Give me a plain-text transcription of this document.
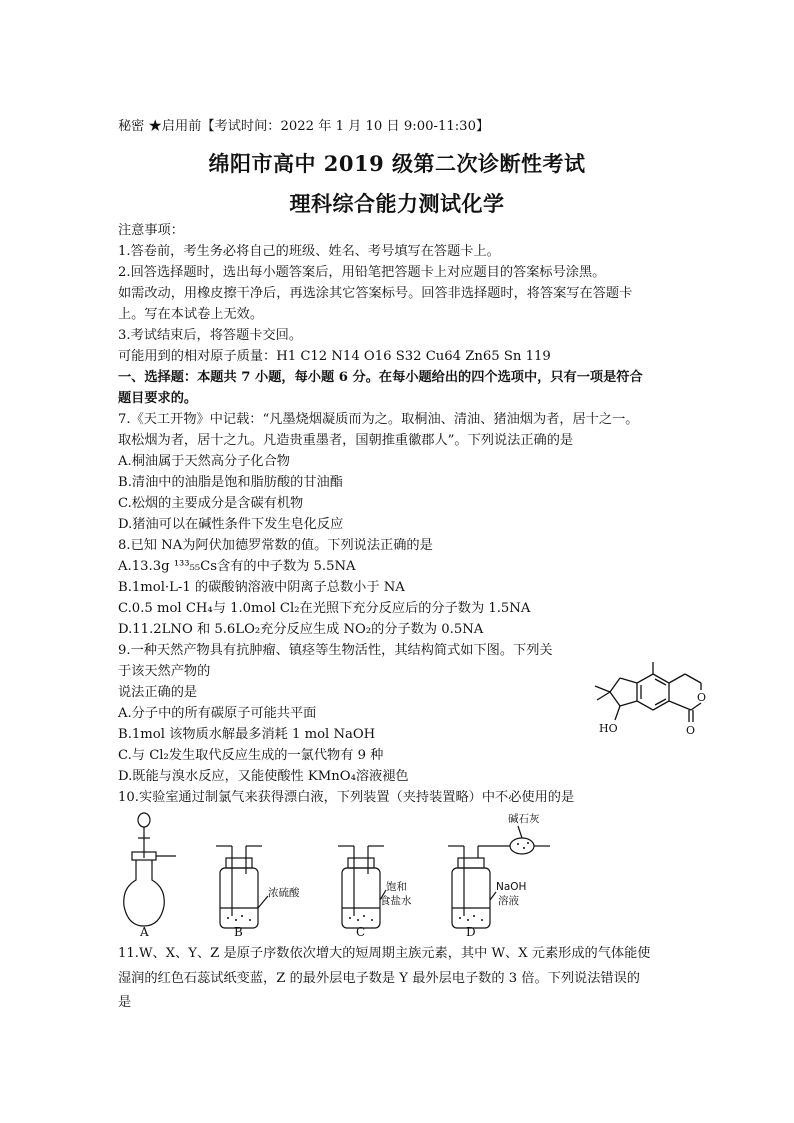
秘密 ★启用前【考试时间：2022 年 1 月 10 日 9:00-11:30】
绵阳市高中 2019 级第二次诊断性考试
理科综合能力测试化学
注意事项：
1.答卷前，考生务必将自己的班级、姓名、考号填写在答题卡上。
2.回答选择题时，选出每小题答案后，用铅笔把答题卡上对应题目的答案标号涂黑。
如需改动，用橡皮擦干净后，再选涂其它答案标号。回答非选择题时，将答案写在答题卡
上。写在本试卷上无效。
3.考试结束后，将答题卡交回。
可能用到的相对原子质量：H1 C12 N14 O16 S32 Cu64 Zn65 Sn 119
一、选择题：本题共 7 小题，每小题 6 分。在每小题给出的四个选项中，只有一项是符合
题目要求的。
7.《天工开物》中记载：“凡墨烧烟凝质而为之。取桐油、清油、猪油烟为者，居十之一。
取松烟为者，居十之九。凡造贵重墨者，国朝推重徽郡人”。下列说法正确的是
A.桐油属于天然高分子化合物
B.清油中的油脂是饱和脂肪酸的甘油酯
C.松烟的主要成分是含碳有机物
D.猪油可以在碱性条件下发生皂化反应
8.已知 NA为阿伏加德罗常数的值。下列说法正确的是
A.13.3g ¹³³₅₅Cs含有的中子数为 5.5NA
B.1mol·L-1 的碳酸钠溶液中阴离子总数小于 NA
C.0.5 mol CH₄与 1.0mol Cl₂在光照下充分反应后的分子数为 1.5NA
D.11.2LNO 和 5.6LO₂充分反应生成 NO₂的分子数为 0.5NA
9.一种天然产物具有抗肿瘤、镇痉等生物活性，其结构简式如下图。下列关
于该天然产物的
说法正确的是
A.分子中的所有碳原子可能共平面
B.1mol 该物质水解最多消耗 1 mol NaOH
C.与 Cl₂发生取代反应生成的一氯代物有 9 种
D.既能与溴水反应，又能使酸性 KMnO₄溶液褪色
O
O
HO
10.实验室通过制氯气来获得漂白液，下列装置（夹持装置略）中不必使用的是
A	B	C	D
浓硫酸	饱和
食盐水
NaOH
溶液
碱石灰
11.W、X、Y、Z 是原子序数依次增大的短周期主族元素，其中 W、X 元素形成的气体能使
湿润的红色石蕊试纸变蓝，Z 的最外层电子数是 Y 最外层电子数的 3 倍。下列说法错误的
是
